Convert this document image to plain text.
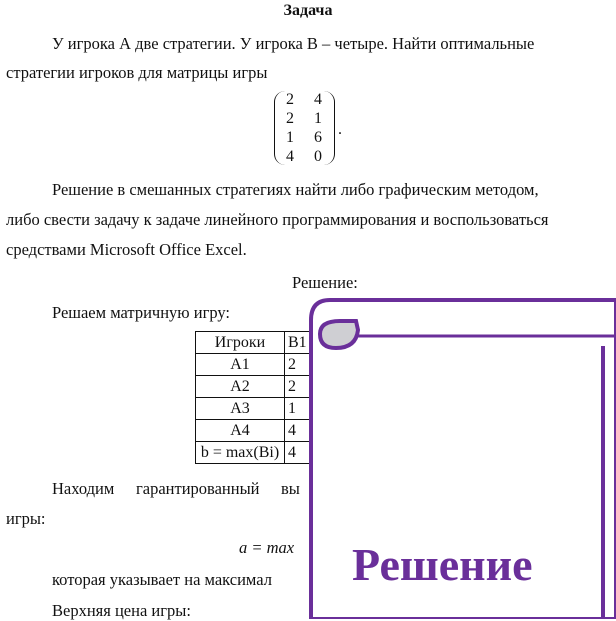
Задача
У игрока А две стратегии. У игрока В – четыре. Найти оптимальные
стратегии игроков для матрицы игры
2 4
2 1
1 6
4 0
.
Решение в смешанных стратегиях найти либо графическим методом,
либо свести задачу к задаче линейного программирования и воспользоваться
средствами Microsoft Office Excel.
Решение:
Решаем матричную игру:
Игроки	B1
A1	2
A2	2
A3	1
A4	4
b = max(Bi)	4
Находим гарантированный вы
игры:
a = max
которая указывает на максимал
Верхняя цена игры:
Решение
